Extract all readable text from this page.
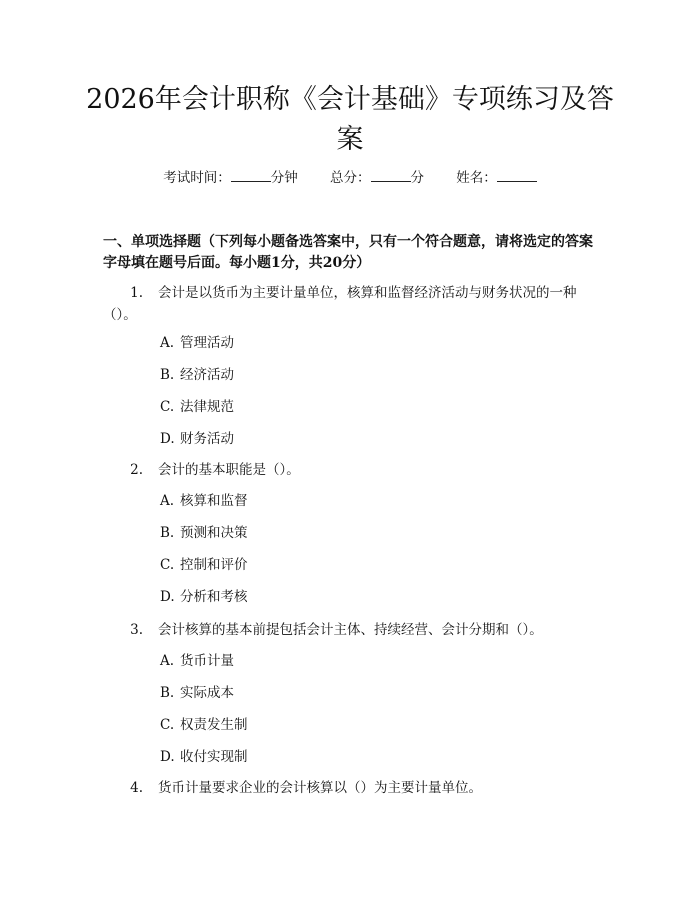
2026年会计职称《会计基础》专项练习及答案
考试时间：	分钟 总分：	分 姓名：
一、单项选择题（下列每小题备选答案中，只有一个符合题意，请将选定的答案字母填在题号后面。每小题1分，共20分）
1.	会计是以货币为主要计量单位，核算和监督经济活动与财务状况的一种（）。
A. 管理活动
B. 经济活动
C. 法律规范
D. 财务活动
2. 会计的基本职能是（）。
A. 核算和监督
B. 预测和决策
C. 控制和评价
D. 分析和考核
3. 会计核算的基本前提包括会计主体、持续经营、会计分期和（）。
A. 货币计量
B. 实际成本
C. 权责发生制
D. 收付实现制
4. 货币计量要求企业的会计核算以（）为主要计量单位。
